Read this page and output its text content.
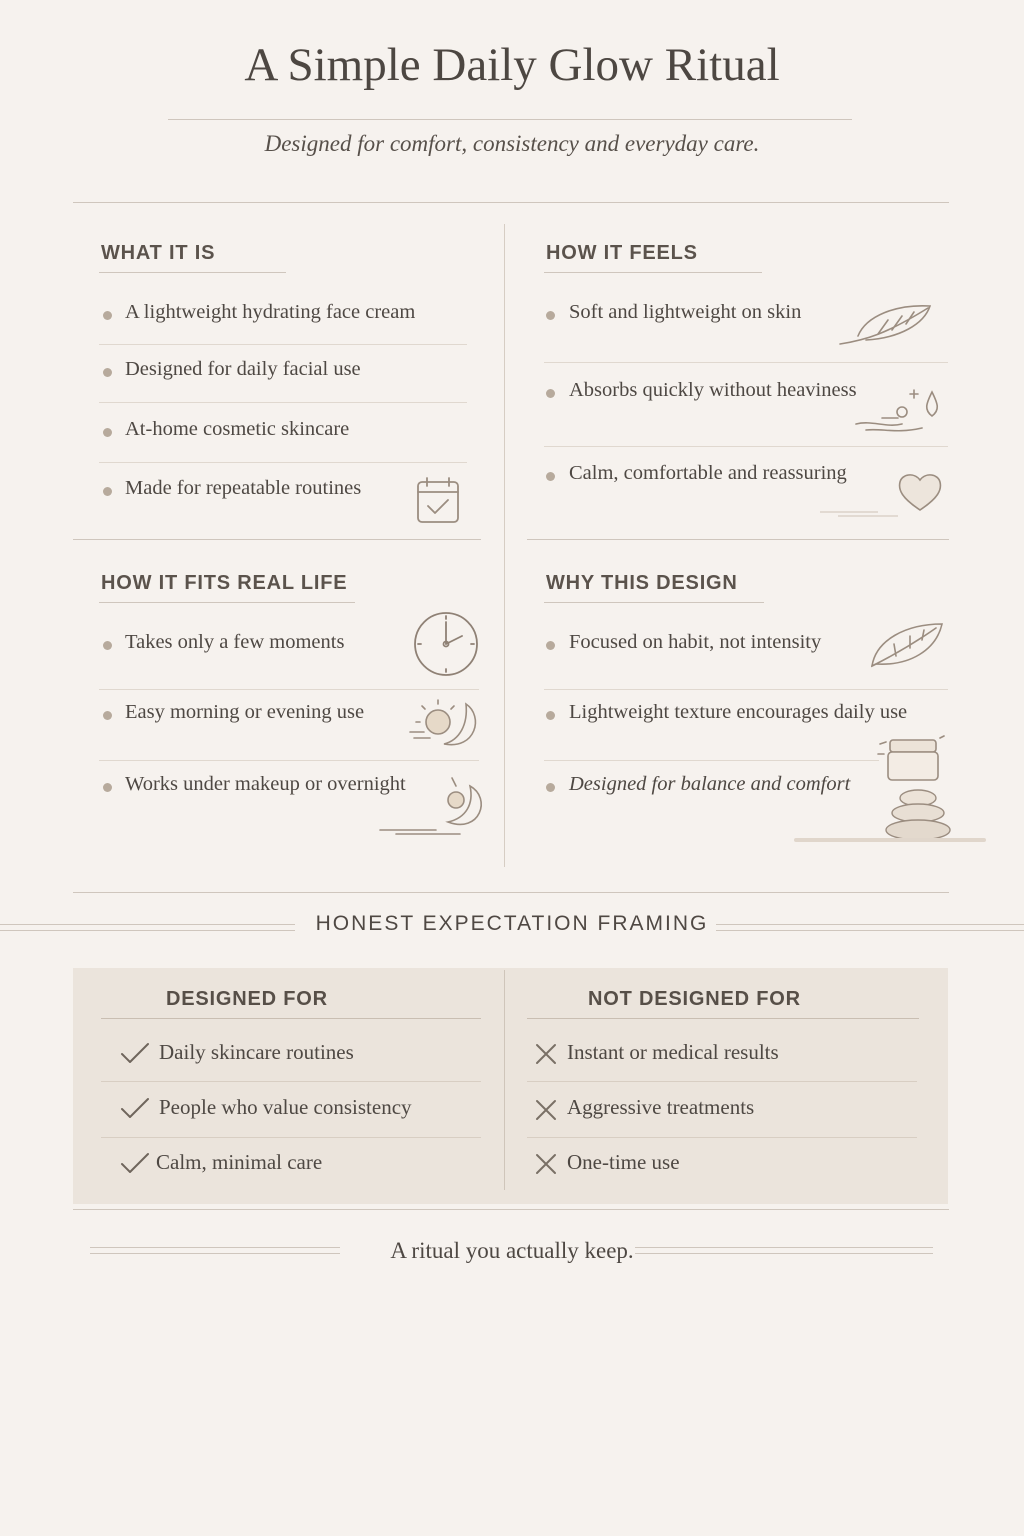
A Simple Daily Glow Ritual
Designed for comfort, consistency and everyday care.
WHAT IT IS
A lightweight hydrating face cream
Designed for daily facial use
At-home cosmetic skincare
Made for repeatable routines
HOW IT FEELS
Soft and lightweight on skin
Absorbs quickly without heaviness
Calm, comfortable and reassuring
HOW IT FITS REAL LIFE
Takes only a few moments
Easy morning or evening use
Works under makeup or overnight
WHY THIS DESIGN
Focused on habit, not intensity
Lightweight texture encourages daily use
Designed for balance and comfort
HONEST EXPECTATION FRAMING
DESIGNED FOR	NOT DESIGNED FOR
Daily skincare routines
People who value consistency
Calm, minimal care
Instant or medical results
Aggressive treatments
One-time use
A ritual you actually keep.
